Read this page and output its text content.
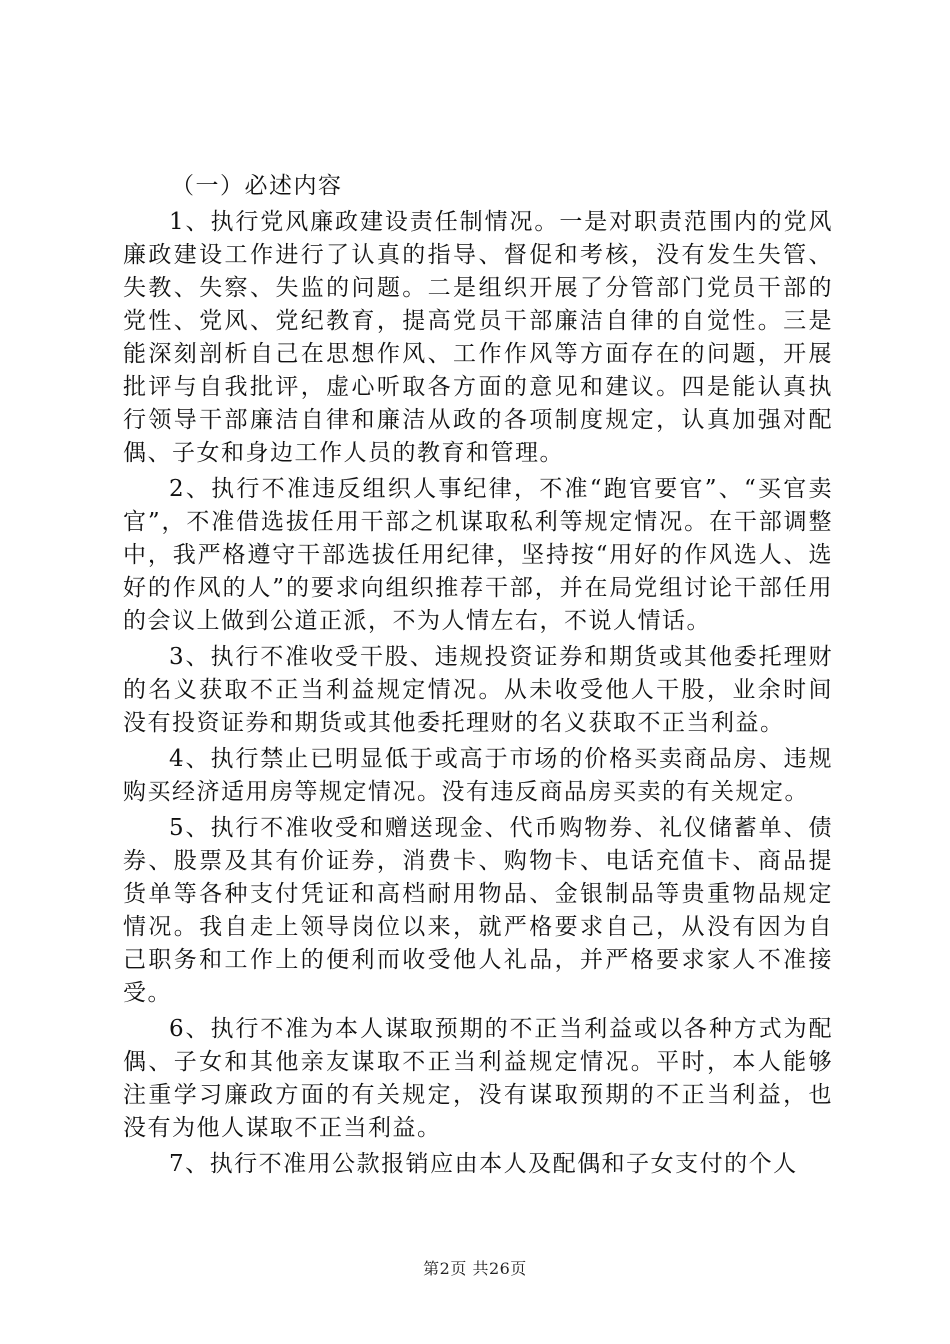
（一）必述内容

1、执行党风廉政建设责任制情况。一是对职责范围内的党风廉政建设工作进行了认真的指导、督促和考核，没有发生失管、失教、失察、失监的问题。二是组织开展了分管部门党员干部的党性、党风、党纪教育，提高党员干部廉洁自律的自觉性。三是能深刻剖析自己在思想作风、工作作风等方面存在的问题，开展批评与自我批评，虚心听取各方面的意见和建议。四是能认真执行领导干部廉洁自律和廉洁从政的各项制度规定，认真加强对配偶、子女和身边工作人员的教育和管理。

2、执行不准违反组织人事纪律，不准“跑官要官”、“买官卖官”，不准借选拔任用干部之机谋取私利等规定情况。在干部调整中，我严格遵守干部选拔任用纪律，坚持按“用好的作风选人、选好的作风的人”的要求向组织推荐干部，并在局党组讨论干部任用的会议上做到公道正派，不为人情左右，不说人情话。

3、执行不准收受干股、违规投资证券和期货或其他委托理财的名义获取不正当利益规定情况。从未收受他人干股，业余时间没有投资证券和期货或其他委托理财的名义获取不正当利益。

4、执行禁止已明显低于或高于市场的价格买卖商品房、违规购买经济适用房等规定情况。没有违反商品房买卖的有关规定。

5、执行不准收受和赠送现金、代币购物券、礼仪储蓄单、债券、股票及其有价证券，消费卡、购物卡、电话充值卡、商品提货单等各种支付凭证和高档耐用物品、金银制品等贵重物品规定情况。我自走上领导岗位以来，就严格要求自己，从没有因为自己职务和工作上的便利而收受他人礼品，并严格要求家人不准接受。

6、执行不准为本人谋取预期的不正当利益或以各种方式为配偶、子女和其他亲友谋取不正当利益规定情况。平时，本人能够注重学习廉政方面的有关规定，没有谋取预期的不正当利益，也没有为他人谋取不正当利益。

7、执行不准用公款报销应由本人及配偶和子女支付的个人

第2页 共26页
